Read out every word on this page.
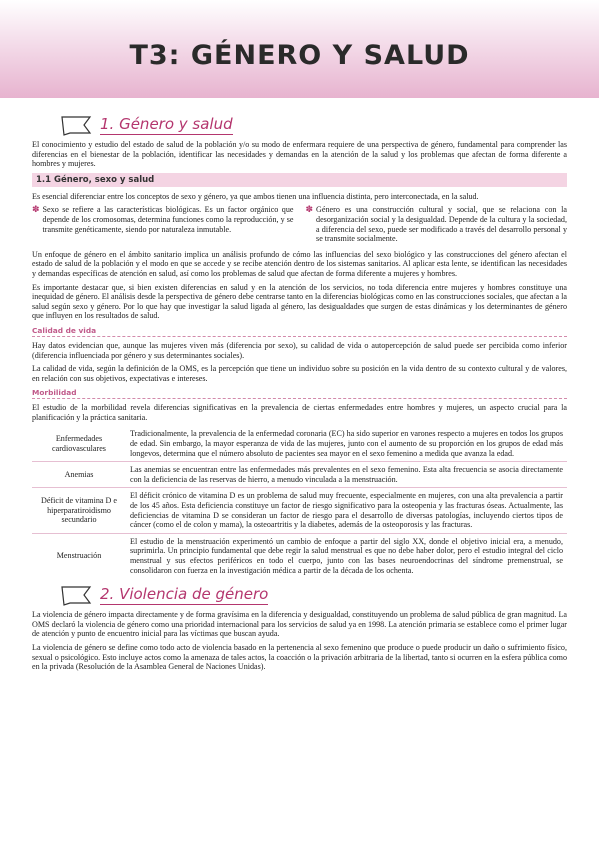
T3: GÉNERO Y SALUD
1. Género y salud

El conocimiento y estudio del estado de salud de la población y/o su modo de enfermara requiere de una perspectiva de género, fundamental para comprender las diferencias en el bienestar de la población, identificar las necesidades y demandas en la atención de la salud y los problemas que afectan de forma diferente a hombres y mujeres.

1.1 Género, sexo y salud

Es esencial diferenciar entre los conceptos de sexo y género, ya que ambos tienen una influencia distinta, pero interconectada, en la salud.

✽ Sexo se refiere a las características biológicas. Es un factor orgánico que depende de los cromosomas, determina funciones como la reproducción, y se transmite genéticamente, siendo por naturaleza inmutable.
✽ Género es una construcción cultural y social, que se relaciona con la desorganización social y la desigualdad. Depende de la cultura y la sociedad, a diferencia del sexo, puede ser modificado a través del desarrollo personal y se transmite socialmente.

Un enfoque de género en el ámbito sanitario implica un análisis profundo de cómo las influencias del sexo biológico y las construcciones del género afectan el estado de salud de la población y el modo en que se accede y se recibe atención dentro de los sistemas sanitarios. Al aplicar esta lente, se identifican las necesidades y demandas específicas de atención en salud, así como los problemas de salud que afectan de forma diferente a mujeres y hombres.

Es importante destacar que, si bien existen diferencias en salud y en la atención de los servicios, no toda diferencia entre mujeres y hombres constituye una inequidad de género. El análisis desde la perspectiva de género debe centrarse tanto en la diferencias biológicas como en las construcciones sociales, que afectan a la salud según sexo y género. Por lo que hay que investigar la salud ligada al género, las desigualdades que surgen de estas dinámicas y los determinantes de género que influyen en los resultados de salud.

Calidad de vida

Hay datos evidencian que, aunque las mujeres viven más (diferencia por sexo), su calidad de vida o autopercepción de salud puede ser percibida como inferior (diferencia influenciada por género y sus determinantes sociales).

La calidad de vida, según la definición de la OMS, es la percepción que tiene un individuo sobre su posición en la vida dentro de su contexto cultural y de valores, en relación con sus objetivos, expectativas e intereses.

Morbilidad

El estudio de la morbilidad revela diferencias significativas en la prevalencia de ciertas enfermedades entre hombres y mujeres, un aspecto crucial para la planificación y la práctica sanitaria.

Enfermedades cardiovasculares	Tradicionalmente, la prevalencia de la enfermedad coronaria (EC) ha sido superior en varones respecto a mujeres en todos los grupos de edad. Sin embargo, la mayor esperanza de vida de las mujeres, junto con el aumento de su proporción en los grupos de edad más longevos, determina que el número absoluto de pacientes sea mayor en el sexo femenino a medida que avanza la edad.
Anemias	Las anemias se encuentran entre las enfermedades más prevalentes en el sexo femenino. Esta alta frecuencia se asocia directamente con la deficiencia de las reservas de hierro, a menudo vinculada a la menstruación.
Déficit de vitamina D e hiperparatiroidismo secundario	El déficit crónico de vitamina D es un problema de salud muy frecuente, especialmente en mujeres, con una alta prevalencia a partir de los 45 años. Esta deficiencia constituye un factor de riesgo significativo para la osteopenia y las fracturas óseas. Actualmente, las deficiencias de vitamina D se consideran un factor de riesgo para el desarrollo de diversas patologías, incluyendo ciertos tipos de cáncer (como el de colon y mama), la osteoartritis y la diabetes, además de la osteoporosis y las fracturas.
Menstruación	El estudio de la menstruación experimentó un cambio de enfoque a partir del siglo XX, donde el objetivo inicial era, a menudo, suprimirla. Un principio fundamental que debe regir la salud menstrual es que no debe haber dolor, pero el estudio integral del ciclo menstrual y sus efectos periféricos en todo el cuerpo, junto con las bases neuroendocrinas del síndrome premenstrual, se consolidaron con fuerza en la investigación médica a partir de la década de los ochenta.
2. Violencia de género

La violencia de género impacta directamente y de forma gravísima en la diferencia y desigualdad, constituyendo un problema de salud pública de gran magnitud. La OMS declaró la violencia de género como una prioridad internacional para los servicios de salud ya en 1998. La atención primaria se establece como el primer lugar de atención y punto de encuentro inicial para las víctimas que buscan ayuda.

La violencia de género se define como todo acto de violencia basado en la pertenencia al sexo femenino que produce o puede producir un daño o sufrimiento físico, sexual o psicológico. Esto incluye actos como la amenaza de tales actos, la coacción o la privación arbitraria de la libertad, tanto si ocurren en la esfera pública como en la privada (Resolución de la Asamblea General de Naciones Unidas).
